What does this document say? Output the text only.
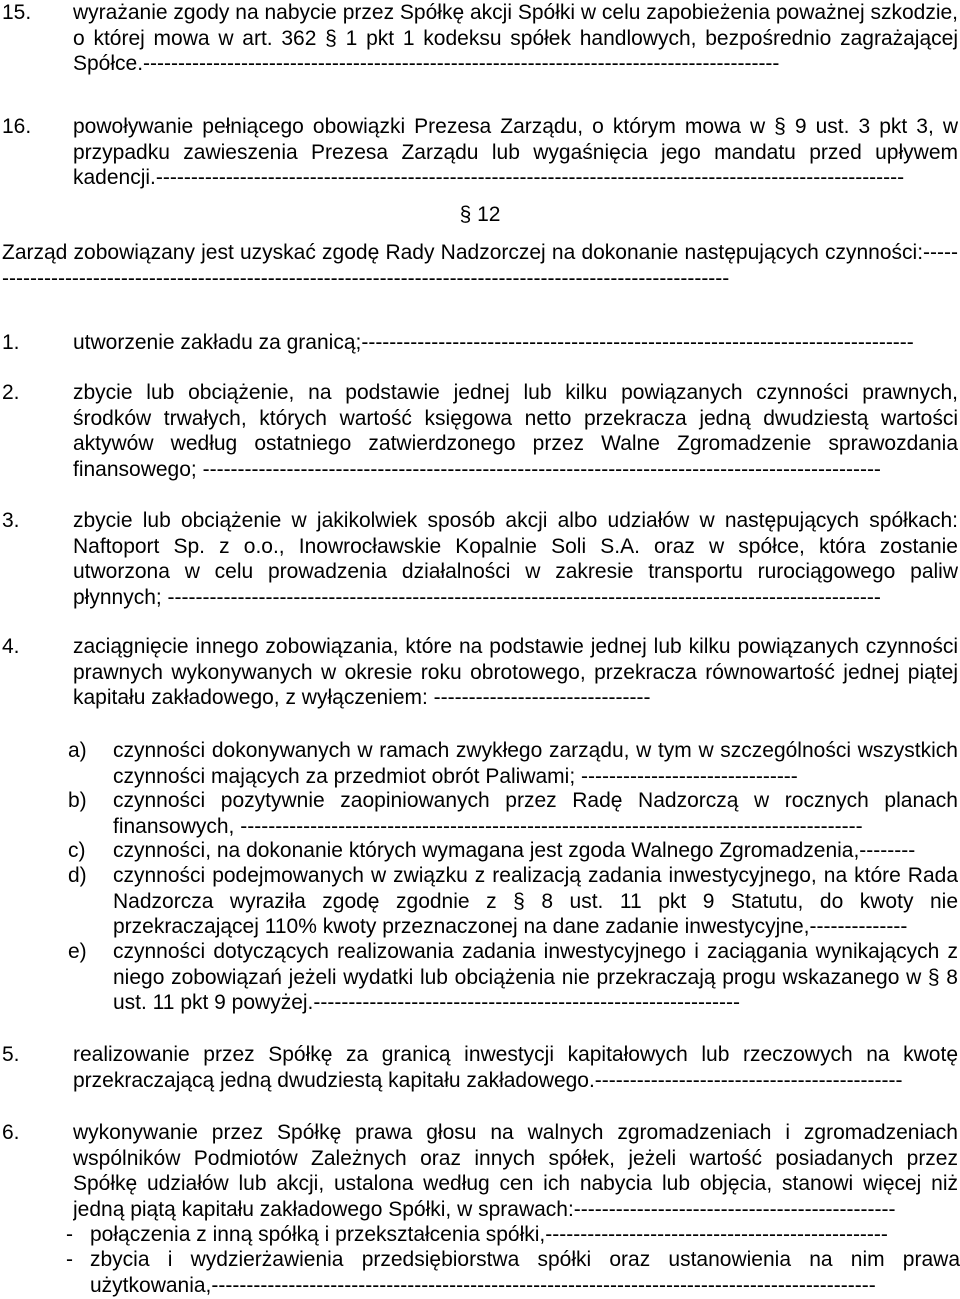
15.	wyrażanie zgody na nabycie przez Spółkę akcji Spółki w celu zapobieżenia poważnej szkodzie, o której mowa w art. 362 § 1 pkt 1 kodeksu spółek handlowych, bezpośrednio zagrażającej Spółce.-------------------------------------------------------------------------------------------
16.	powoływanie pełniącego obowiązki Prezesa Zarządu, o którym mowa w § 9 ust. 3 pkt 3, w przypadku zawieszenia Prezesa Zarządu lub wygaśnięcia jego mandatu przed upływem kadencji.-----------------------------------------------------------------------------------------------------------
§ 12
Zarząd zobowiązany jest uzyskać zgodę Rady Nadzorczej na dokonanie następujących czynności:-------------------------------------------------------------------------------------------------------------
1.	utworzenie zakładu za granicą;-------------------------------------------------------------------------------
2.	zbycie lub obciążenie, na podstawie jednej lub kilku powiązanych czynności prawnych, środków trwałych, których wartość księgowa netto przekracza jedną dwudziestą wartości aktywów według ostatniego zatwierdzonego przez Walne Zgromadzenie sprawozdania finansowego; -------------------------------------------------------------------------------------------------
3.	zbycie lub obciążenie w jakikolwiek sposób akcji albo udziałów w następujących spółkach: Naftoport Sp. z o.o., Inowrocławskie Kopalnie Soli S.A. oraz w spółce, która zostanie utworzona w celu prowadzenia działalności w zakresie transportu rurociągowego paliw płynnych; ------------------------------------------------------------------------------------------------------
4.	zaciągnięcie innego zobowiązania, które na podstawie jednej lub kilku powiązanych czynności prawnych wykonywanych w okresie roku obrotowego, przekracza równowartość jednej piątej kapitału zakładowego, z wyłączeniem: -------------------------------
a)	czynności dokonywanych w ramach zwykłego zarządu, w tym w szczególności wszystkich czynności mających za przedmiot obrót Paliwami; -------------------------------
b)	czynności pozytywnie zaopiniowanych przez Radę Nadzorczą w rocznych planach finansowych, -----------------------------------------------------------------------------------------
c)	czynności, na dokonanie których wymagana jest zgoda Walnego Zgromadzenia,--------
d)	czynności podejmowanych w związku z realizacją zadania inwestycyjnego, na które Rada Nadzorcza wyraziła zgodę zgodnie z § 8 ust. 11 pkt 9 Statutu, do kwoty nie przekraczającej 110% kwoty przeznaczonej na dane zadanie inwestycyjne,--------------
e)	czynności dotyczących realizowania zadania inwestycyjnego i zaciągania wynikających z niego zobowiązań jeżeli wydatki lub obciążenia nie przekraczają progu wskazanego w § 8 ust. 11 pkt 9 powyżej.-------------------------------------------------------------
5.	realizowanie przez Spółkę za granicą inwestycji kapitałowych lub rzeczowych na kwotę przekraczającą jedną dwudziestą kapitału zakładowego.--------------------------------------------
6.	wykonywanie przez Spółkę prawa głosu na walnych zgromadzeniach i zgromadzeniach wspólników Podmiotów Zależnych oraz innych spółek, jeżeli wartość posiadanych przez Spółkę udziałów lub akcji, ustalona według cen ich nabycia lub objęcia, stanowi więcej niż jedną piątą kapitału zakładowego Spółki, w sprawach:----------------------------------------------
- połączenia z inną spółką i przekształcenia spółki,-------------------------------------------------
- zbycia i wydzierżawienia przedsiębiorstwa spółki oraz ustanowienia na nim prawa użytkowania,-----------------------------------------------------------------------------------------------
